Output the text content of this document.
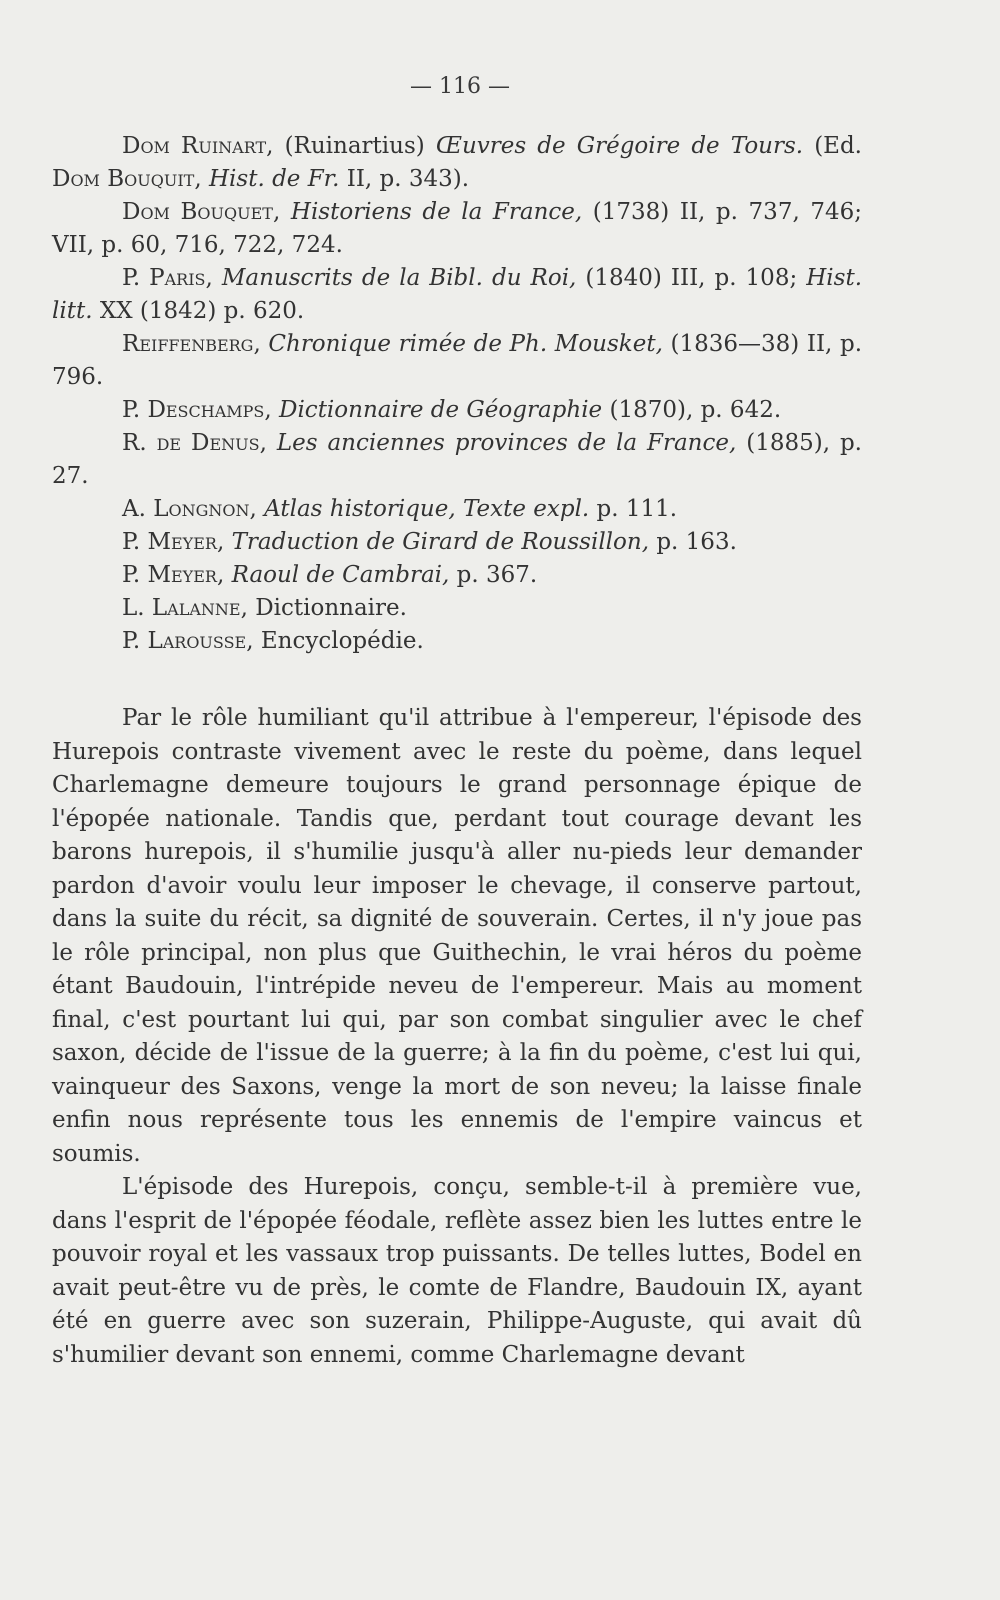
— 116 —
Dom Ruinart, (Ruinartius) Œuvres de Grégoire de Tours. (Ed. Dom Bouquit, Hist. de Fr. II, p. 343).
Dom Bouquet, Historiens de la France, (1738) II, p. 737, 746; VII, p. 60, 716, 722, 724.
P. Paris, Manuscrits de la Bibl. du Roi, (1840) III, p. 108; Hist. litt. XX (1842) p. 620.
Reiffenberg, Chronique rimée de Ph. Mousket, (1836—38) II, p. 796.
P. Deschamps, Dictionnaire de Géographie (1870), p. 642.
R. de Denus, Les anciennes provinces de la France, (1885), p. 27.
A. Longnon, Atlas historique, Texte expl. p. 111.
P. Meyer, Traduction de Girard de Roussillon, p. 163.
P. Meyer, Raoul de Cambrai, p. 367.
L. Lalanne, Dictionnaire.
P. Larousse, Encyclopédie.

Par le rôle humiliant qu'il attribue à l'empereur, l'épisode des Hurepois contraste vivement avec le reste du poème, dans lequel Charlemagne demeure toujours le grand personnage épique de l'épopée nationale. Tandis que, perdant tout courage devant les barons hurepois, il s'humilie jusqu'à aller nu-pieds leur demander pardon d'avoir voulu leur imposer le chevage, il conserve partout, dans la suite du récit, sa dignité de souverain. Certes, il n'y joue pas le rôle principal, non plus que Guithechin, le vrai héros du poème étant Baudouin, l'intrépide neveu de l'empereur. Mais au moment final, c'est pourtant lui qui, par son combat singulier avec le chef saxon, décide de l'issue de la guerre; à la fin du poème, c'est lui qui, vainqueur des Saxons, venge la mort de son neveu; la laisse finale enfin nous représente tous les ennemis de l'empire vaincus et soumis.

L'épisode des Hurepois, conçu, semble-t-il à première vue, dans l'esprit de l'épopée féodale, reflète assez bien les luttes entre le pouvoir royal et les vassaux trop puissants. De telles luttes, Bodel en avait peut-être vu de près, le comte de Flandre, Baudouin IX, ayant été en guerre avec son suzerain, Philippe-Auguste, qui avait dû s'humilier devant son ennemi, comme Charlemagne devant
